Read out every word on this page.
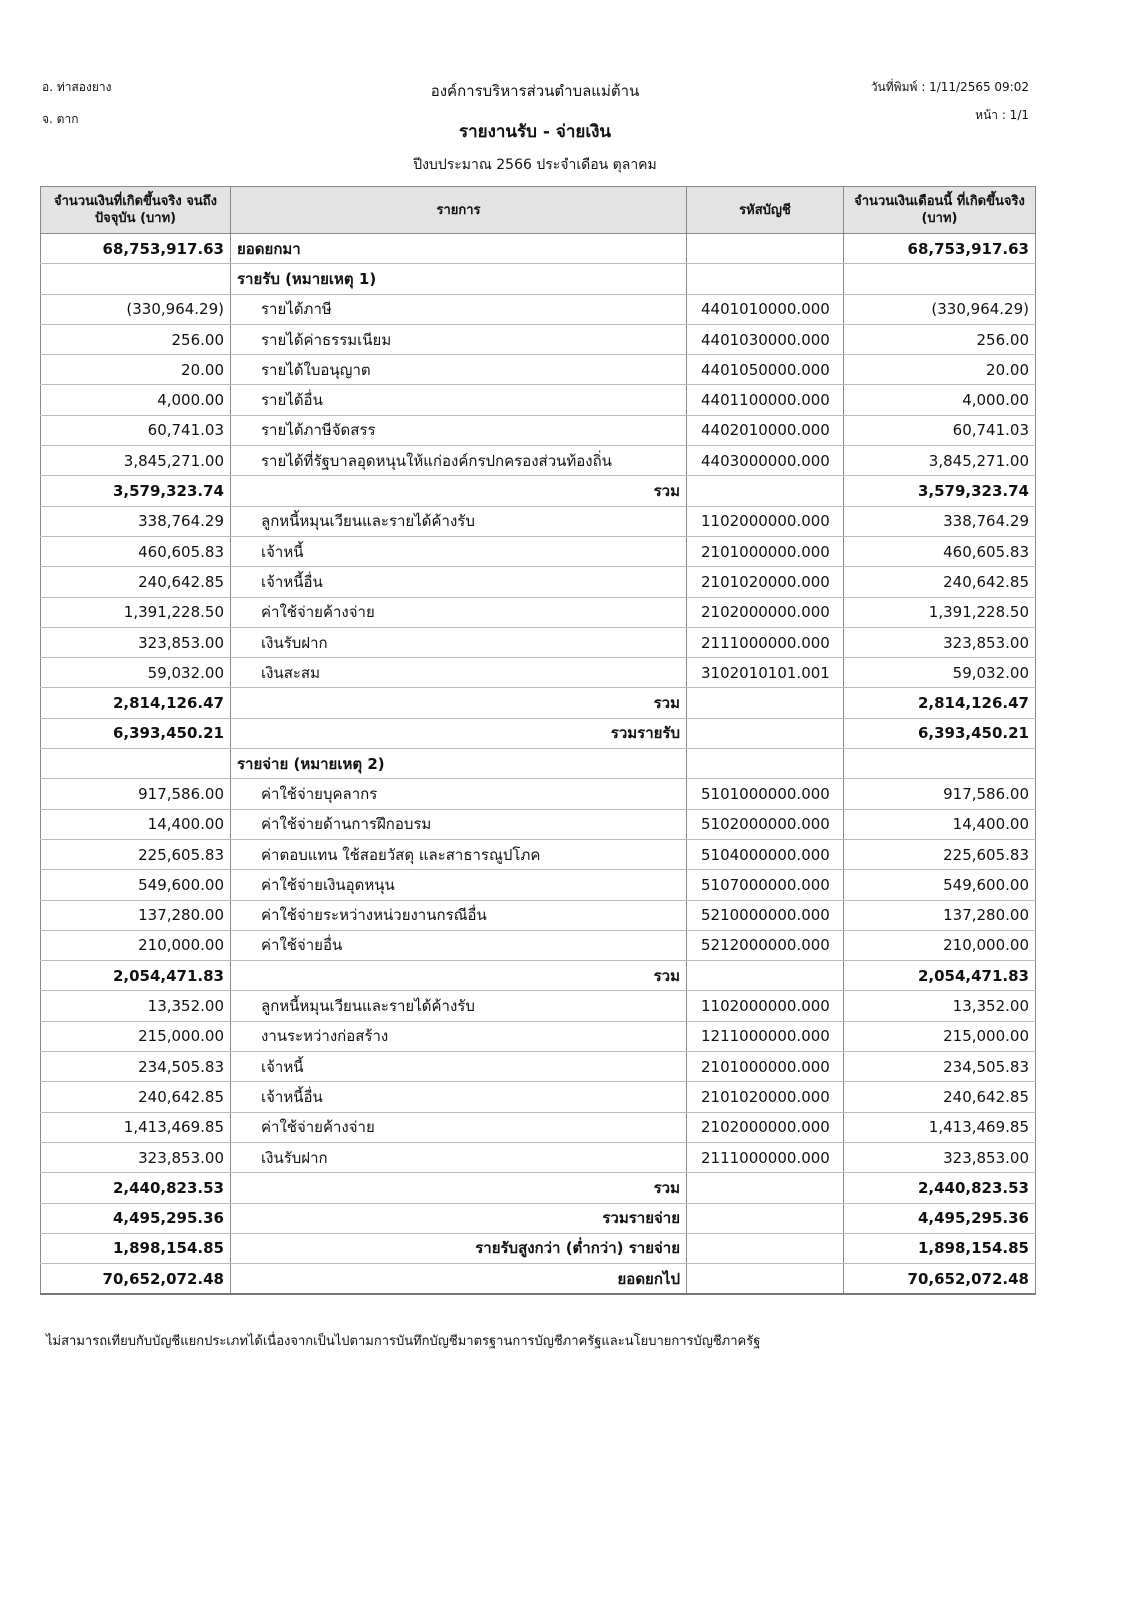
อ. ท่าสองยาง
จ. ตาก
องค์การบริหารส่วนตำบลแม่ต้าน
รายงานรับ - จ่ายเงิน
ปีงบประมาณ 2566 ประจำเดือน ตุลาคม
วันที่พิมพ์ : 1/11/2565 09:02
หน้า : 1/1
จำนวนเงินที่เกิดขึ้นจริง จนถึงปัจจุบัน (บาท)	รายการ	รหัสบัญชี	จำนวนเงินเดือนนี้ ที่เกิดขึ้นจริง (บาท)
68,753,917.63	ยอดยกมา		68,753,917.63
	รายรับ (หมายเหตุ 1)		
(330,964.29)	รายได้ภาษี	4401010000.000	(330,964.29)
256.00	รายได้ค่าธรรมเนียม	4401030000.000	256.00
20.00	รายได้ใบอนุญาต	4401050000.000	20.00
4,000.00	รายได้อื่น	4401100000.000	4,000.00
60,741.03	รายได้ภาษีจัดสรร	4402010000.000	60,741.03
3,845,271.00	รายได้ที่รัฐบาลอุดหนุนให้แก่องค์กรปกครองส่วนท้องถิ่น	4403000000.000	3,845,271.00
3,579,323.74	รวม		3,579,323.74
338,764.29	ลูกหนี้หมุนเวียนและรายได้ค้างรับ	1102000000.000	338,764.29
460,605.83	เจ้าหนี้	2101000000.000	460,605.83
240,642.85	เจ้าหนี้อื่น	2101020000.000	240,642.85
1,391,228.50	ค่าใช้จ่ายค้างจ่าย	2102000000.000	1,391,228.50
323,853.00	เงินรับฝาก	2111000000.000	323,853.00
59,032.00	เงินสะสม	3102010101.001	59,032.00
2,814,126.47	รวม		2,814,126.47
6,393,450.21	รวมรายรับ		6,393,450.21
	รายจ่าย (หมายเหตุ 2)		
917,586.00	ค่าใช้จ่ายบุคลากร	5101000000.000	917,586.00
14,400.00	ค่าใช้จ่ายด้านการฝึกอบรม	5102000000.000	14,400.00
225,605.83	ค่าตอบแทน ใช้สอยวัสดุ และสาธารณูปโภค	5104000000.000	225,605.83
549,600.00	ค่าใช้จ่ายเงินอุดหนุน	5107000000.000	549,600.00
137,280.00	ค่าใช้จ่ายระหว่างหน่วยงานกรณีอื่น	5210000000.000	137,280.00
210,000.00	ค่าใช้จ่ายอื่น	5212000000.000	210,000.00
2,054,471.83	รวม		2,054,471.83
13,352.00	ลูกหนี้หมุนเวียนและรายได้ค้างรับ	1102000000.000	13,352.00
215,000.00	งานระหว่างก่อสร้าง	1211000000.000	215,000.00
234,505.83	เจ้าหนี้	2101000000.000	234,505.83
240,642.85	เจ้าหนี้อื่น	2101020000.000	240,642.85
1,413,469.85	ค่าใช้จ่ายค้างจ่าย	2102000000.000	1,413,469.85
323,853.00	เงินรับฝาก	2111000000.000	323,853.00
2,440,823.53	รวม		2,440,823.53
4,495,295.36	รวมรายจ่าย		4,495,295.36
1,898,154.85	รายรับสูงกว่า (ต่ำกว่า) รายจ่าย		1,898,154.85
70,652,072.48	ยอดยกไป		70,652,072.48
ไม่สามารถเทียบกับบัญชีแยกประเภทได้เนื่องจากเป็นไปตามการบันทึกบัญชีมาตรฐานการบัญชีภาครัฐและนโยบายการบัญชีภาครัฐ
